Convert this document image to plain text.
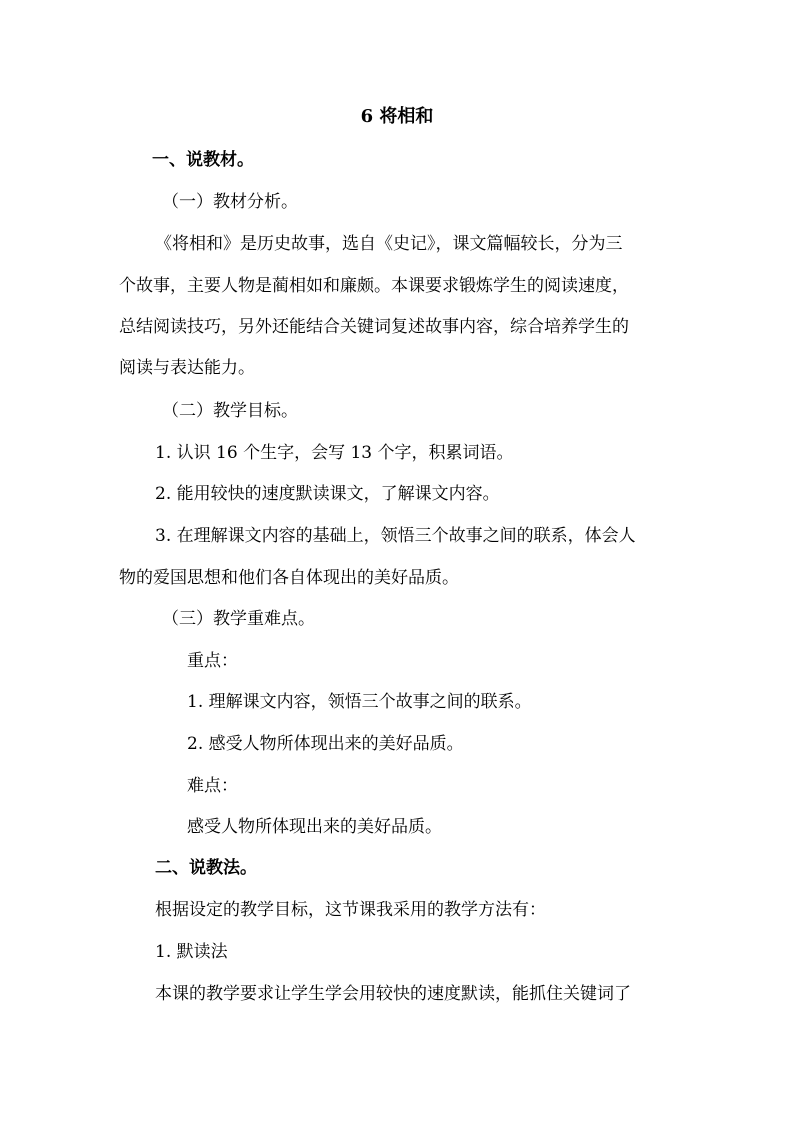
6 将相和
一、说教材。
（一）教材分析。
《将相和》是历史故事，选自《史记》，课文篇幅较长，分为三
个故事，主要人物是蔺相如和廉颇。本课要求锻炼学生的阅读速度，
总结阅读技巧，另外还能结合关键词复述故事内容，综合培养学生的
阅读与表达能力。
（二）教学目标。
1. 认识 16 个生字，会写 13 个字，积累词语。
2. 能用较快的速度默读课文，了解课文内容。
3. 在理解课文内容的基础上，领悟三个故事之间的联系，体会人
物的爱国思想和他们各自体现出的美好品质。
（三）教学重难点。
重点：
1. 理解课文内容，领悟三个故事之间的联系。
2. 感受人物所体现出来的美好品质。
难点：
感受人物所体现出来的美好品质。
二、说教法。
根据设定的教学目标，这节课我采用的教学方法有：
1. 默读法
本课的教学要求让学生学会用较快的速度默读，能抓住关键词了
